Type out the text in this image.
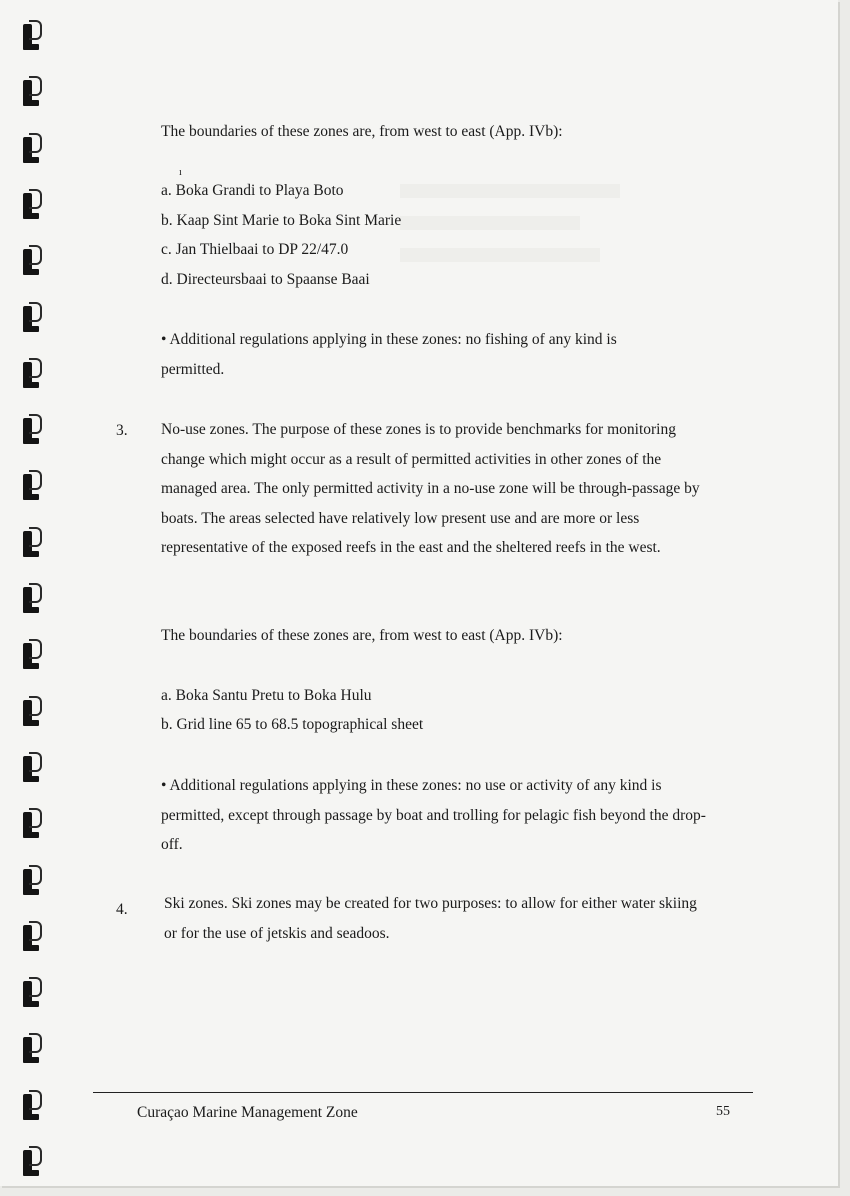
The boundaries of these zones are, from west to east (App. IVb):
ı
a. Boka Grandi to Playa Boto
b. Kaap Sint Marie to Boka Sint Marie
c. Jan Thielbaai to DP 22/47.0
d. Directeursbaai to Spaanse Baai
• Additional regulations applying in these zones: no fishing of any kind is permitted.
3. No-use zones. The purpose of these zones is to provide benchmarks for monitoring change which might occur as a result of permitted activities in other zones of the managed area. The only permitted activity in a no-use zone will be through-passage by boats. The areas selected have relatively low present use and are more or less representative of the exposed reefs in the east and the sheltered reefs in the west.
The boundaries of these zones are, from west to east (App. IVb):
a. Boka Santu Pretu to Boka Hulu
b. Grid line 65 to 68.5 topographical sheet
• Additional regulations applying in these zones: no use or activity of any kind is permitted, except through passage by boat and trolling for pelagic fish beyond the drop-off.
4. Ski zones. Ski zones may be created for two purposes: to allow for either water skiing or for the use of jetskis and seadoos.
Curaçao Marine Management Zone	55
